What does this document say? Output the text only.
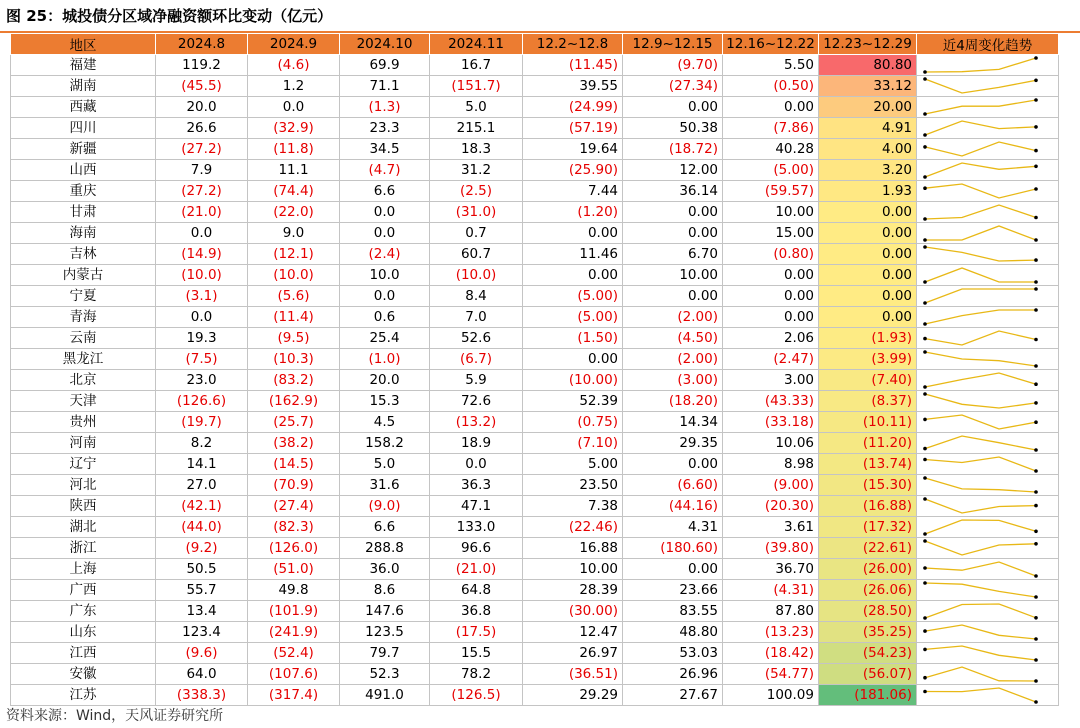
图 25：城投债分区域净融资额环比变动（亿元）
地区	2024.8	2024.9	2024.10	2024.11	12.2~12.8	12.9~12.15	12.16~12.22	12.23~12.29	近4周变化趋势
福建	119.2	(4.6)	69.9	16.7	(11.45)	(9.70)	5.50	80.80	

湖南	(45.5)	1.2	71.1	(151.7)	39.55	(27.34)	(0.50)	33.12	

西藏	20.0	0.0	(1.3)	5.0	(24.99)	0.00	0.00	20.00	

四川	26.6	(32.9)	23.3	215.1	(57.19)	50.38	(7.86)	4.91	

新疆	(27.2)	(11.8)	34.5	18.3	19.64	(18.72)	40.28	4.00	

山西	7.9	11.1	(4.7)	31.2	(25.90)	12.00	(5.00)	3.20	

重庆	(27.2)	(74.4)	6.6	(2.5)	7.44	36.14	(59.57)	1.93	

甘肃	(21.0)	(22.0)	0.0	(31.0)	(1.20)	0.00	10.00	0.00	

海南	0.0	9.0	0.0	0.7	0.00	0.00	15.00	0.00	

吉林	(14.9)	(12.1)	(2.4)	60.7	11.46	6.70	(0.80)	0.00	

内蒙古	(10.0)	(10.0)	10.0	(10.0)	0.00	10.00	0.00	0.00	

宁夏	(3.1)	(5.6)	0.0	8.4	(5.00)	0.00	0.00	0.00	

青海	0.0	(11.4)	0.6	7.0	(5.00)	(2.00)	0.00	0.00	

云南	19.3	(9.5)	25.4	52.6	(1.50)	(4.50)	2.06	(1.93)	

黑龙江	(7.5)	(10.3)	(1.0)	(6.7)	0.00	(2.00)	(2.47)	(3.99)	

北京	23.0	(83.2)	20.0	5.9	(10.00)	(3.00)	3.00	(7.40)	

天津	(126.6)	(162.9)	15.3	72.6	52.39	(18.20)	(43.33)	(8.37)	

贵州	(19.7)	(25.7)	4.5	(13.2)	(0.75)	14.34	(33.18)	(10.11)	

河南	8.2	(38.2)	158.2	18.9	(7.10)	29.35	10.06	(11.20)	

辽宁	14.1	(14.5)	5.0	0.0	5.00	0.00	8.98	(13.74)	

河北	27.0	(70.9)	31.6	36.3	23.50	(6.60)	(9.00)	(15.30)	

陕西	(42.1)	(27.4)	(9.0)	47.1	7.38	(44.16)	(20.30)	(16.88)	

湖北	(44.0)	(82.3)	6.6	133.0	(22.46)	4.31	3.61	(17.32)	

浙江	(9.2)	(126.0)	288.8	96.6	16.88	(180.60)	(39.80)	(22.61)	

上海	50.5	(51.0)	36.0	(21.0)	10.00	0.00	36.70	(26.00)	

广西	55.7	49.8	8.6	64.8	28.39	23.66	(4.31)	(26.06)	

广东	13.4	(101.9)	147.6	36.8	(30.00)	83.55	87.80	(28.50)	

山东	123.4	(241.9)	123.5	(17.5)	12.47	48.80	(13.23)	(35.25)	

江西	(9.6)	(52.4)	79.7	15.5	26.97	53.03	(18.42)	(54.23)	

安徽	64.0	(107.6)	52.3	78.2	(36.51)	26.96	(54.77)	(56.07)	

江苏	(338.3)	(317.4)	491.0	(126.5)	29.29	27.67	100.09	(181.06)	
资料来源：Wind，天风证券研究所
